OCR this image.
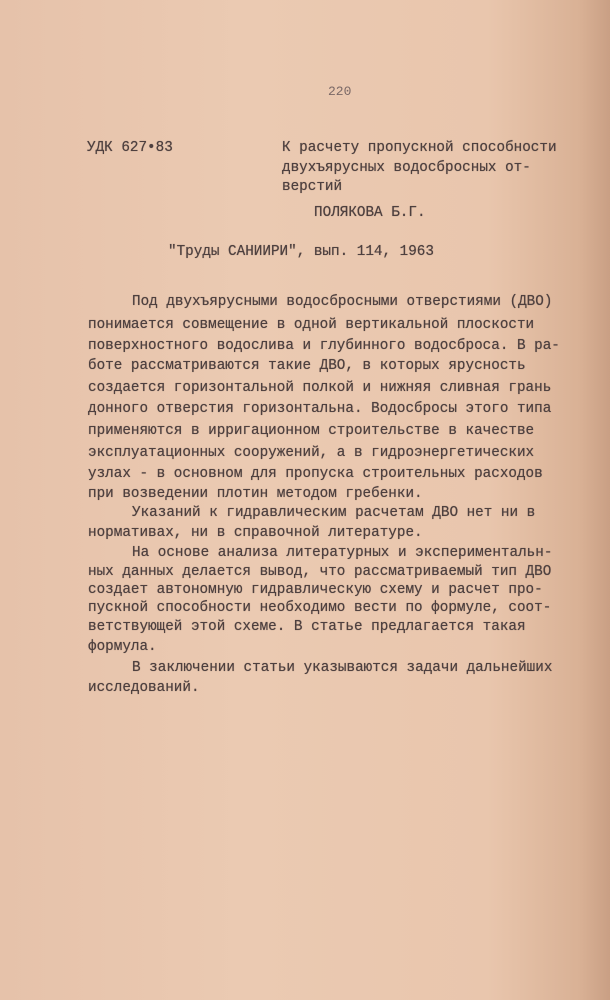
220
УДК 627•83	К расчету пропускной способности
двухъярусных водосбросных от-
верстий
ПОЛЯКОВА Б.Г.
"Труды САНИИРИ", вып. 114, 1963
Под двухъярусными водосбросными отверстиями (ДВО)
понимается совмещение в одной вертикальной плоскости
поверхностного водослива и глубинного водосброса. В ра-
боте рассматриваются такие ДВО, в которых ярусность
создается горизонтальной полкой и нижняя сливная грань
донного отверстия горизонтальна. Водосбросы этого типа
применяются в ирригационном строительстве в качестве
эксплуатационных сооружений, а в гидроэнергетических
узлах - в основном для пропуска строительных расходов
при возведении плотин методом гребенки.
Указаний к гидравлическим расчетам ДВО нет ни в
нормативах, ни в справочной литературе.
На основе анализа литературных и экспериментальн-
ных данных делается вывод, что рассматриваемый тип ДВО
создает автономную гидравлическую схему и расчет про-
пускной способности необходимо вести по формуле, соот-
ветствующей этой схеме. В статье предлагается такая
формула.
В заключении статьи указываются задачи дальнейших
исследований.
